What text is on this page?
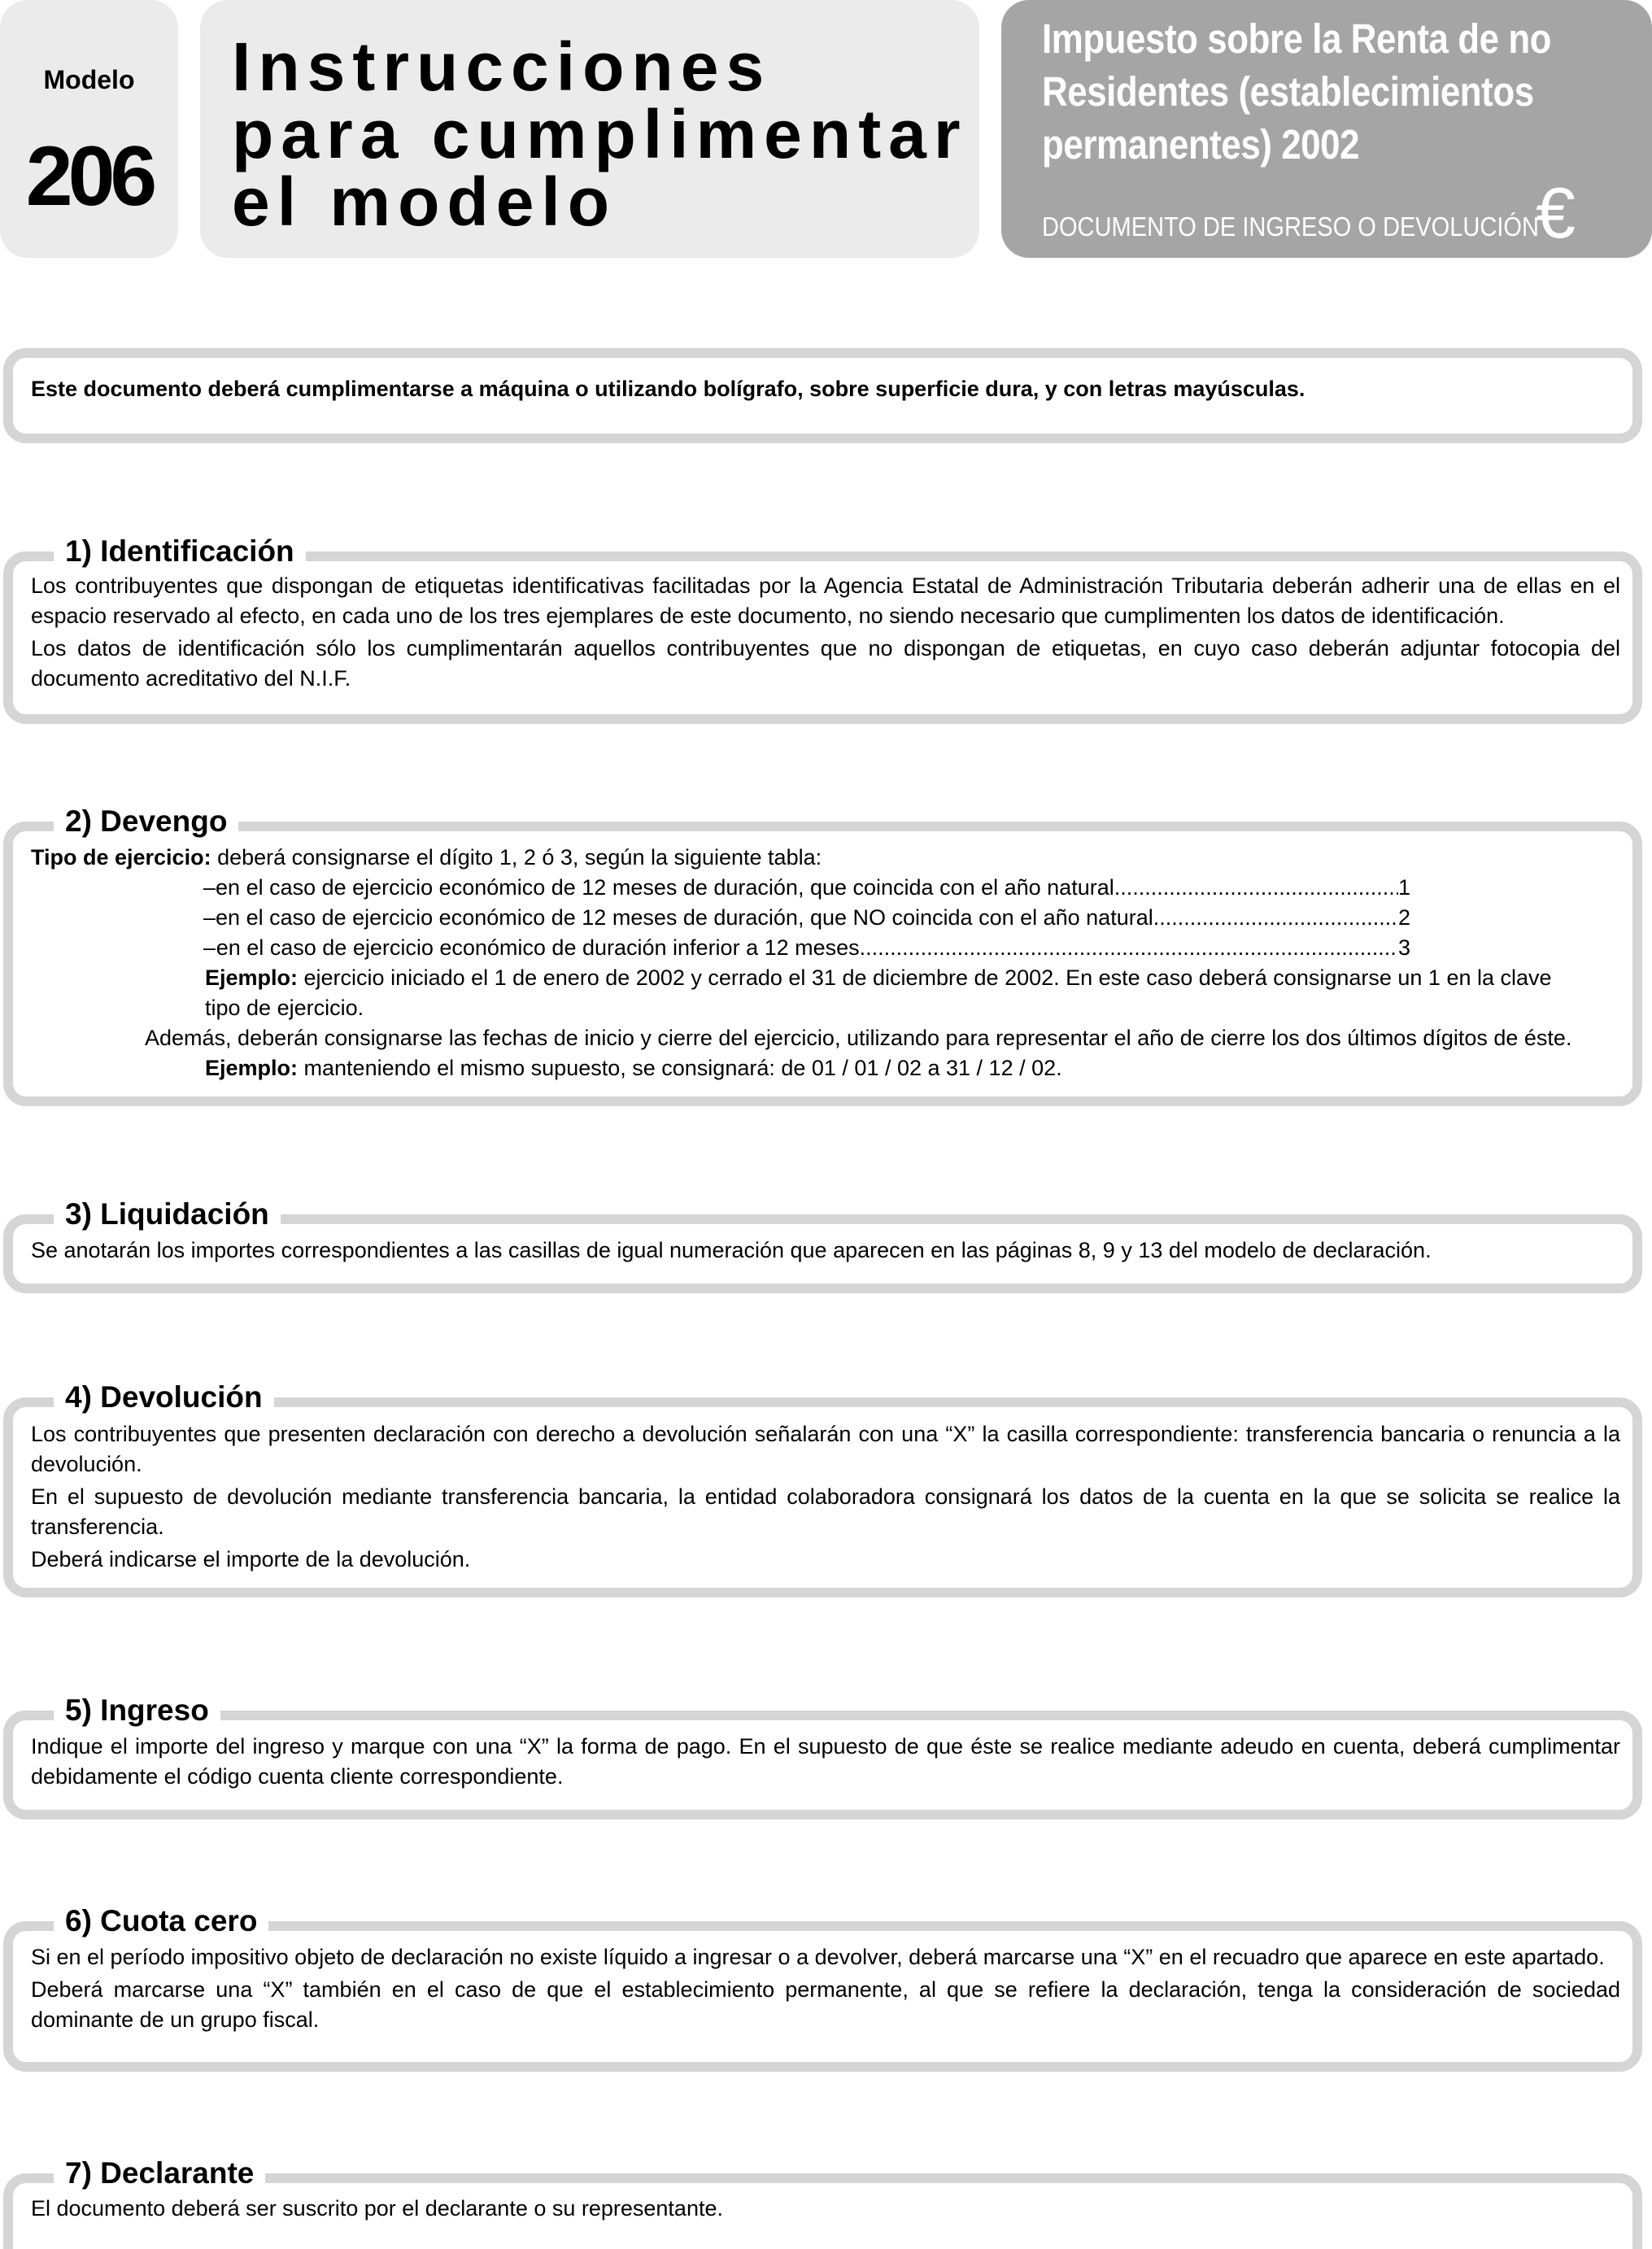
Modelo
206
Instrucciones
para cumplimentar
el modelo
Impuesto sobre la Renta de no
Residentes (establecimientos
permanentes) 2002
DOCUMENTO DE INGRESO O DEVOLUCIÓN
€
Este documento deberá cumplimentarse a máquina o utilizando bolígrafo, sobre superficie dura, y con letras mayúsculas.
1) Identificación

Los contribuyentes que dispongan de etiquetas identificativas facilitadas por la Agencia Estatal de Administración Tributaria deberán adherir una de ellas en el espacio reservado al efecto, en cada uno de los tres ejemplares de este documento, no siendo necesario que cumplimenten los datos de identificación.

Los datos de identificación sólo los cumplimentarán aquellos contribuyentes que no dispongan de etiquetas, en cuyo caso deberán adjuntar fotocopia del documento acreditativo del N.I.F.

2) Devengo
Tipo de ejercicio: deberá consignarse el dígito 1, 2 ó 3, según la siguiente tabla:
– en el caso de ejercicio económico de 12 meses de duración, que coincida con el año natural .....	1
– en el caso de ejercicio económico de 12 meses de duración, que NO coincida con el año natural .....	2
– en el caso de ejercicio económico de duración inferior a 12 meses .....	3
Ejemplo: ejercicio iniciado el 1 de enero de 2002 y cerrado el 31 de diciembre de 2002. En este caso deberá consignarse un 1 en la clave
tipo de ejercicio.
Además, deberán consignarse las fechas de inicio y cierre del ejercicio, utilizando para representar el año de cierre los dos últimos dígitos de éste.
Ejemplo: manteniendo el mismo supuesto, se consignará: de 01 / 01 / 02 a 31 / 12 / 02.
3) Liquidación

Se anotarán los importes correspondientes a las casillas de igual numeración que aparecen en las páginas 8, 9 y 13 del modelo de declaración.

4) Devolución

Los contribuyentes que presenten declaración con derecho a devolución señalarán con una “X” la casilla correspondiente: transferencia bancaria o renuncia a la devolución.

En el supuesto de devolución mediante transferencia bancaria, la entidad colaboradora consignará los datos de la cuenta en la que se solicita se realice la transferencia.

Deberá indicarse el importe de la devolución.

5) Ingreso

Indique el importe del ingreso y marque con una “X” la forma de pago. En el supuesto de que éste se realice mediante adeudo en cuenta, deberá cumplimentar debidamente el código cuenta cliente correspondiente.

6) Cuota cero

Si en el período impositivo objeto de declaración no existe líquido a ingresar o a devolver, deberá marcarse una “X” en el recuadro que aparece en este apartado.

Deberá marcarse una “X” también en el caso de que el establecimiento permanente, al que se refiere la declaración, tenga la consideración de sociedad dominante de un grupo fiscal.

7) Declarante

El documento deberá ser suscrito por el declarante o su representante.
